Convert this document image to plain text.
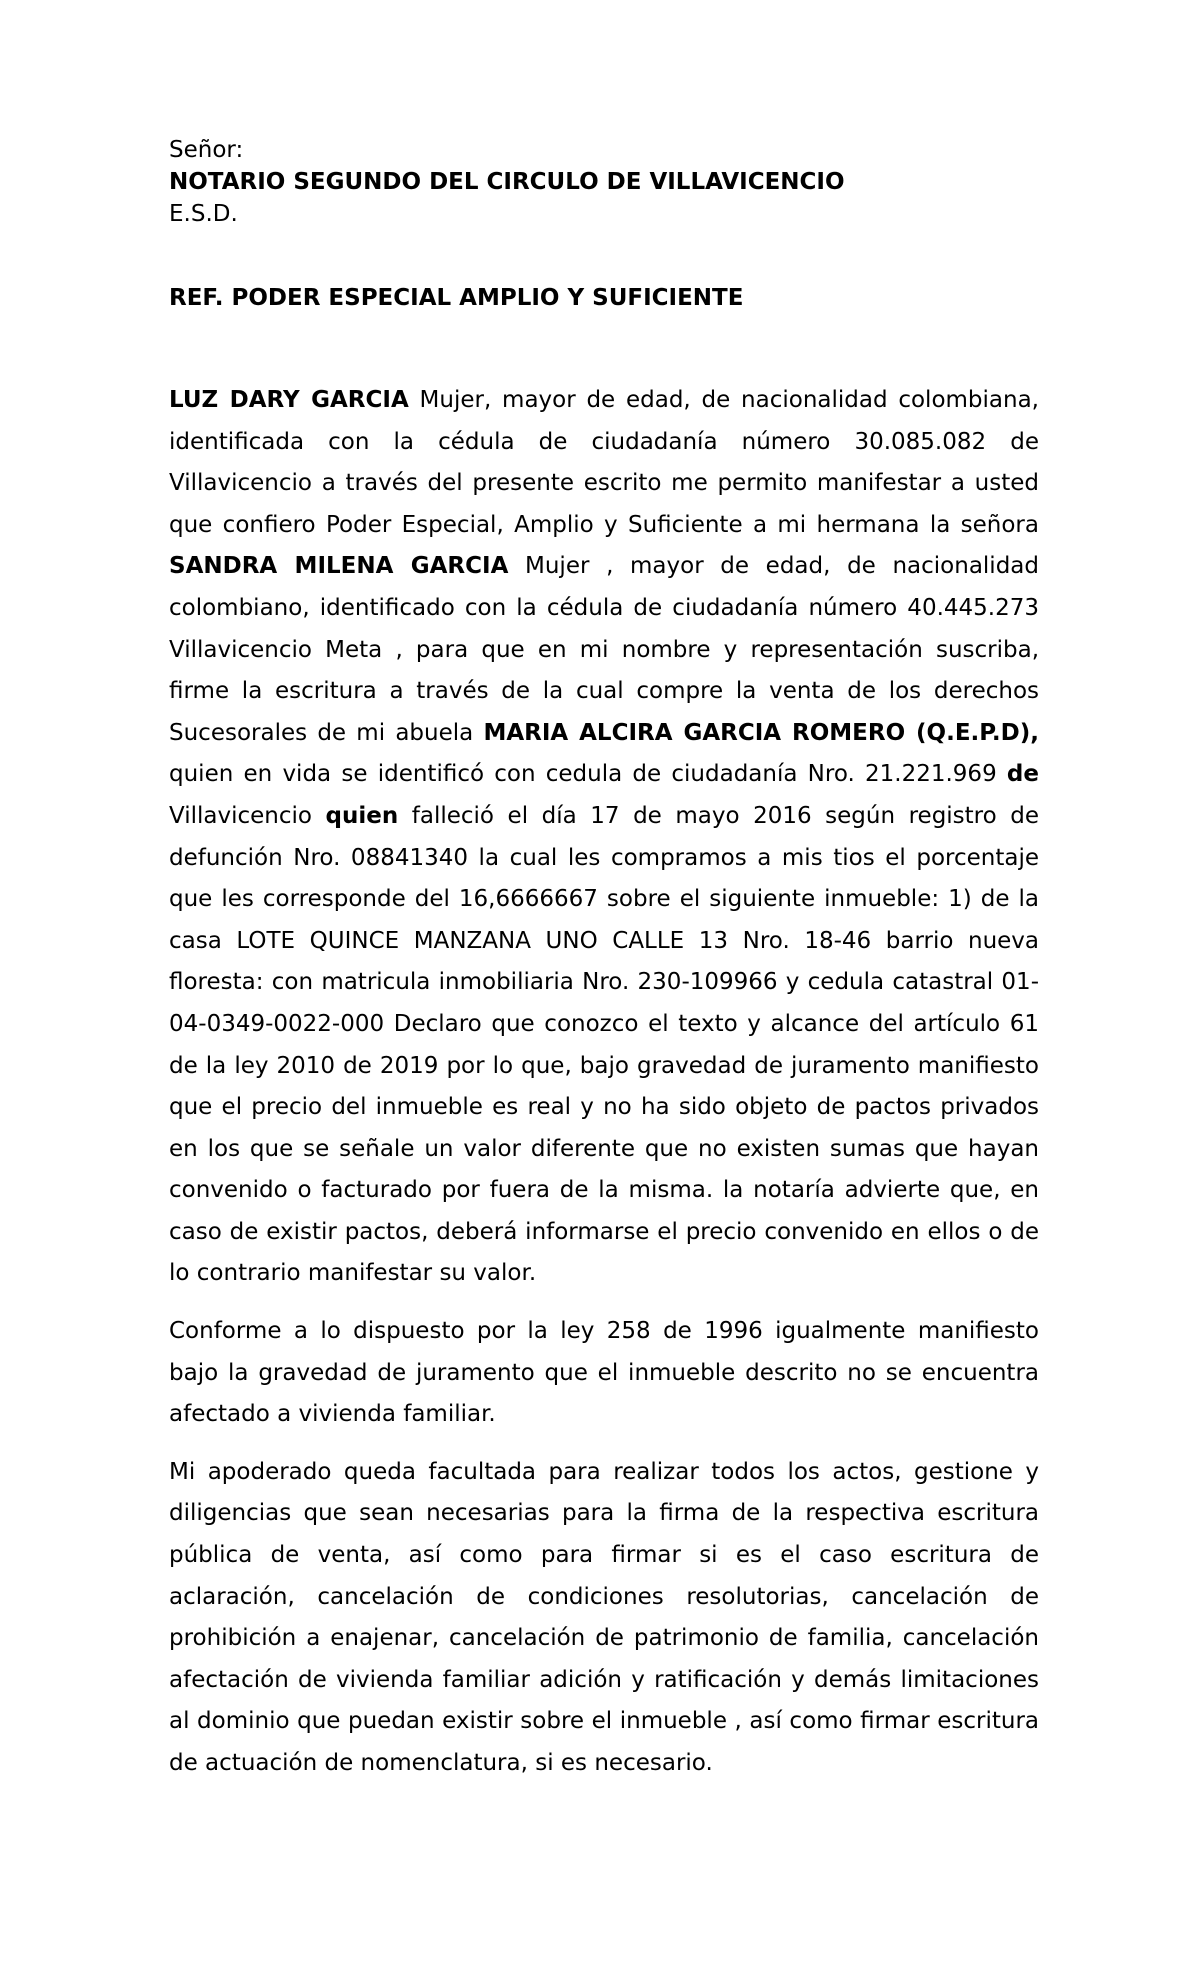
Señor:

NOTARIO SEGUNDO DEL CIRCULO DE VILLAVICENCIO

E.S.D.

REF. PODER ESPECIAL AMPLIO Y SUFICIENTE

LUZ DARY GARCIA Mujer, mayor de edad, de nacionalidad colombiana, identificada con la cédula de ciudadanía número 30.085.082 de Villavicencio a través del presente escrito me permito manifestar a usted que confiero Poder Especial, Amplio y Suficiente a mi hermana la señora SANDRA MILENA GARCIA Mujer , mayor de edad, de nacionalidad colombiano, identificado con la cédula de ciudadanía número 40.445.273 Villavicencio Meta , para que en mi nombre y representación suscriba, firme la escritura a través de la cual compre la venta de los derechos Sucesorales de mi abuela MARIA ALCIRA GARCIA ROMERO (Q.E.P.D), quien en vida se identificó con cedula de ciudadanía Nro. 21.221.969 de Villavicencio quien falleció el día 17 de mayo 2016 según registro de defunción Nro. 08841340 la cual les compramos a mis tios el porcentaje que les corresponde del 16,6666667 sobre el siguiente inmueble: 1) de la casa LOTE QUINCE MANZANA UNO CALLE 13 Nro. 18-46 barrio nueva floresta: con matricula inmobiliaria Nro. 230-109966 y cedula catastral 01-04-0349-0022-000 Declaro que conozco el texto y alcance del artículo 61 de la ley 2010 de 2019 por lo que, bajo gravedad de juramento manifiesto que el precio del inmueble es real y no ha sido objeto de pactos privados en los que se señale un valor diferente que no existen sumas que hayan convenido o facturado por fuera de la misma. la notaría advierte que, en caso de existir pactos, deberá informarse el precio convenido en ellos o de lo contrario manifestar su valor.

Conforme a lo dispuesto por la ley 258 de 1996 igualmente manifiesto bajo la gravedad de juramento que el inmueble descrito no se encuentra afectado a vivienda familiar.

Mi apoderado queda facultada para realizar todos los actos, gestione y diligencias que sean necesarias para la firma de la respectiva escritura pública de venta, así como para firmar si es el caso escritura de aclaración, cancelación de condiciones resolutorias, cancelación de prohibición a enajenar, cancelación de patrimonio de familia, cancelación afectación de vivienda familiar adición y ratificación y demás limitaciones al dominio que puedan existir sobre el inmueble , así como firmar escritura de actuación de nomenclatura, si es necesario.
